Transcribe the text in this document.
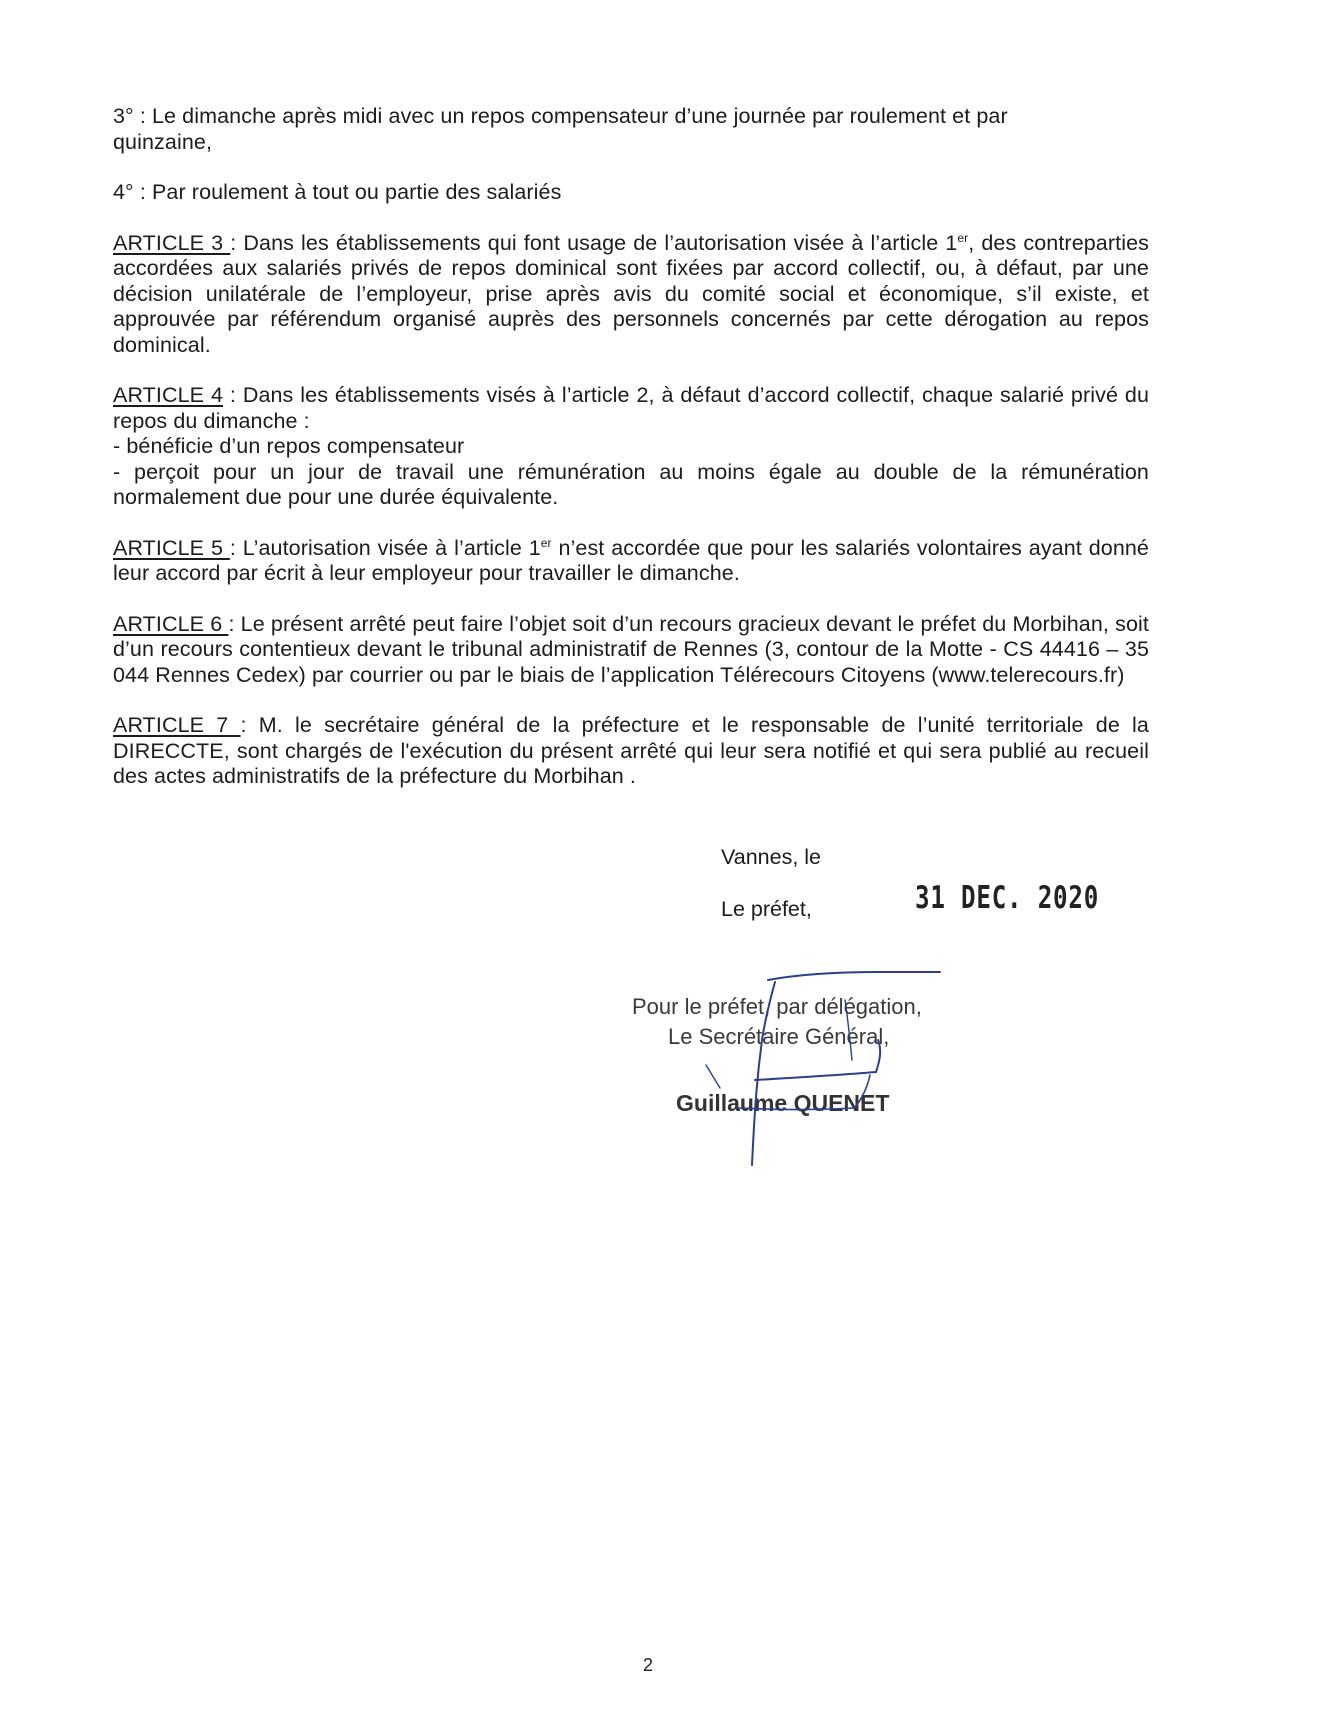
3° : Le dimanche après midi avec un repos compensateur d’une journée par roulement et par
quinzaine,

4° : Par roulement à tout ou partie des salariés

ARTICLE 3 : Dans les établissements qui font usage de l’autorisation visée à l’article 1er, des contreparties accordées aux salariés privés de repos dominical sont fixées par accord collectif, ou, à défaut, par une décision unilatérale de l’employeur, prise après avis du comité social et économique, s’il existe, et approuvée par référendum organisé auprès des personnels concernés par cette dérogation au repos dominical.

ARTICLE 4 : Dans les établissements visés à l’article 2, à défaut d’accord collectif, chaque salarié privé du repos du dimanche :
- bénéficie d’un repos compensateur
- perçoit pour un jour de travail une rémunération au moins égale au double de la rémunération normalement due pour une durée équivalente.

ARTICLE 5 : L’autorisation visée à l’article 1er n’est accordée que pour les salariés volontaires ayant donné leur accord par écrit à leur employeur pour travailler le dimanche.

ARTICLE 6 : Le présent arrêté peut faire l’objet soit d’un recours gracieux devant le préfet du Morbihan, soit d’un recours contentieux devant le tribunal administratif de Rennes (3, contour de la Motte - CS 44416 – 35 044 Rennes Cedex) par courrier ou par le biais de l’application Télérecours Citoyens (www.telerecours.fr)

ARTICLE 7 : M. le secrétaire général de la préfecture et le responsable de l’unité territoriale de la DIRECCTE, sont chargés de l'exécution du présent arrêté qui leur sera notifié et qui sera publié au recueil des actes administratifs de la préfecture du Morbihan .

Vannes, le
Le préfet,	31 DEC. 2020
Pour le préfet, par délégation,
Le Secrétaire Général,
Guillaume QUENET
2
